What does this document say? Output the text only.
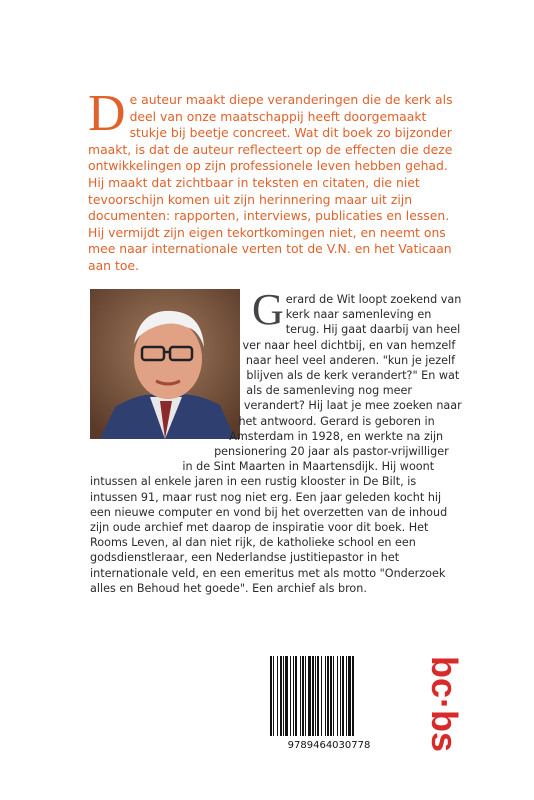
De auteur maakt diepe veranderingen die de kerk als deel van onze maatschappij heeft doorgemaakt stukje bij beetje concreet. Wat dit boek zo bijzonder maakt, is dat de auteur reflecteert op de effecten die deze ontwikkelingen op zijn professionele leven hebben gehad. Hij maakt dat zichtbaar in teksten en citaten, die niet tevoorschijn komen uit zijn herinnering maar uit zijn documenten: rapporten, interviews, publicaties en lessen. Hij vermijdt zijn eigen tekortkomingen niet, en neemt ons mee naar internationale verten tot de V.N. en het Vaticaan aan toe.
Gerard de Wit loopt zoekend van kerk naar samenleving en terug. Hij gaat daarbij van heel ver naar heel dichtbij, en van hemzelf naar heel veel anderen. "kun je jezelf blijven als de kerk verandert?" En wat als de samenleving nog meer verandert? Hij laat je mee zoeken naar het antwoord. Gerard is geboren in Amsterdam in 1928, en werkte na zijn pensionering 20 jaar als pastor-vrijwilliger in de Sint Maarten in Maartensdijk. Hij woont intussen al enkele jaren in een rustig klooster in De Bilt, is intussen 91, maar rust nog niet erg. Een jaar geleden kocht hij een nieuwe computer en vond bij het overzetten van de inhoud zijn oude archief met daarop de inspiratie voor dit boek. Het Rooms Leven, al dan niet rijk, de katholieke school en een godsdienstleraar, een Nederlandse justitiepastor in het internationale veld, en een emeritus met als motto "Onderzoek alles en Behoud het goede". Een archief als bron.
9789464030778	bc·bs
